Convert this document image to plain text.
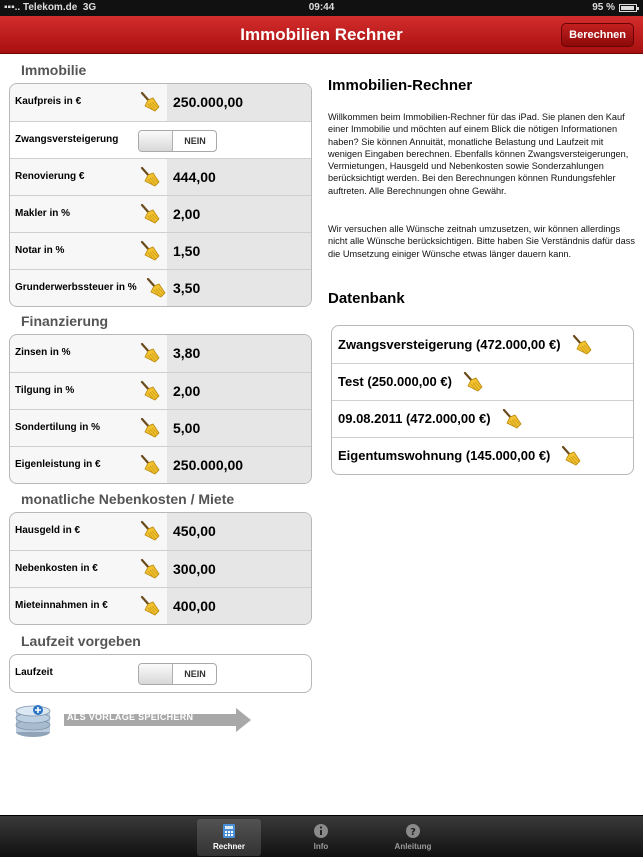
▪▪▪.. Telekom.de 3G	09:44	95 %
Immobilien Rechner	Berechnen
Immobilie
Kaufpreis in €	250.000,00
Zwangsversteigerung	NEIN
Renovierung €	444,00
Makler in %	2,00
Notar in %	1,50
Grunderwerbssteuer in %	3,50
Finanzierung
Zinsen in %	3,80
Tilgung in %	2,00
Sondertilung in %	5,00
Eigenleistung in €	250.000,00
monatliche Nebenkosten / Miete
Hausgeld in €	450,00
Nebenkosten in €	300,00
Mieteinnahmen in €	400,00
Laufzeit vorgeben
Laufzeit	NEIN
ALS VORLAGE SPEICHERN
Immobilien-Rechner
Willkommen beim Immobilien-Rechner für das iPad. Sie planen den Kauf einer Immobilie und möchten auf einem Blick die nötigen Informationen haben? Sie können Annuität, monatliche Belastung und Laufzeit mit wenigen Eingaben berechnen. Ebenfalls können Zwangsversteigerungen, Vermietungen, Hausgeld und Nebenkosten sowie Sonderzahlungen berücksichtigt werden. Bei den Berechnungen können Rundungsfehler auftreten. Alle Berechnungen ohne Gewähr.
Wir versuchen alle Wünsche zeitnah umzusetzen, wir können allerdings nicht alle Wünsche berücksichtigen. Bitte haben Sie Verständnis dafür dass die Umsetzung einiger Wünsche etwas länger dauern kann.
Datenbank
Zwangsversteigerung (472.000,00 €)
Test (250.000,00 €)
09.08.2011 (472.000,00 €)
Eigentumswohnung (145.000,00 €)
Rechner	Info
?
Anleitung
